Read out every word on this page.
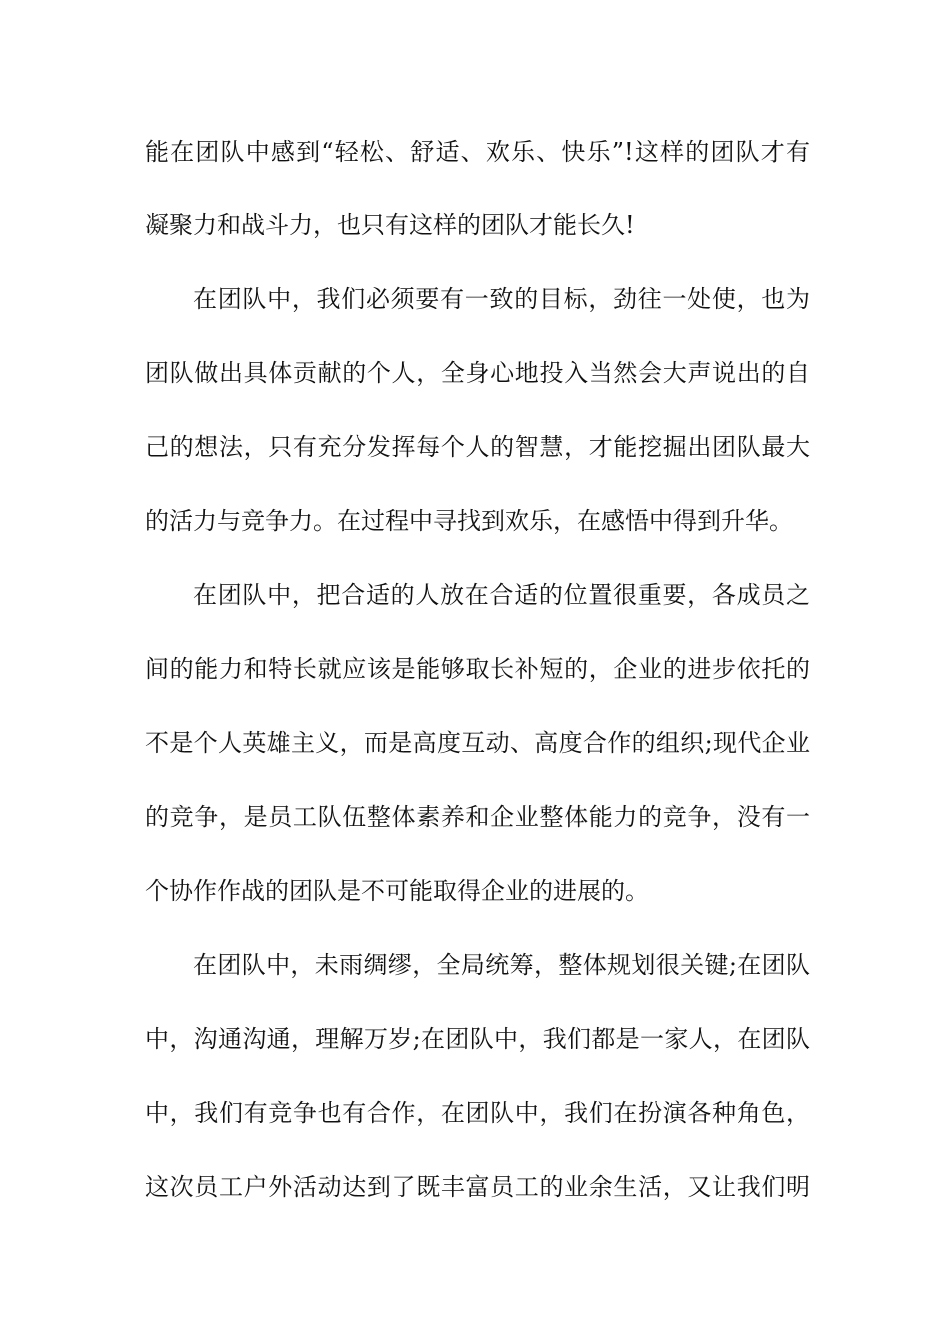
能在团队中感到“轻松、舒适、欢乐、快乐”!这样的团队才有
凝聚力和战斗力，也只有这样的团队才能长久!
在团队中，我们必须要有一致的目标，劲往一处使，也为
团队做出具体贡献的个人，全身心地投入当然会大声说出的自
己的想法，只有充分发挥每个人的智慧，才能挖掘出团队最大
的活力与竞争力。在过程中寻找到欢乐，在感悟中得到升华。
在团队中，把合适的人放在合适的位置很重要，各成员之
间的能力和特长就应该是能够取长补短的，企业的进步依托的
不是个人英雄主义，而是高度互动、高度合作的组织;现代企业
的竞争，是员工队伍整体素养和企业整体能力的竞争，没有一
个协作作战的团队是不可能取得企业的进展的。
在团队中，未雨绸缪，全局统筹，整体规划很关键;在团队
中，沟通沟通，理解万岁;在团队中，我们都是一家人，在团队
中，我们有竞争也有合作，在团队中，我们在扮演各种角色，
这次员工户外活动达到了既丰富员工的业余生活，又让我们明
